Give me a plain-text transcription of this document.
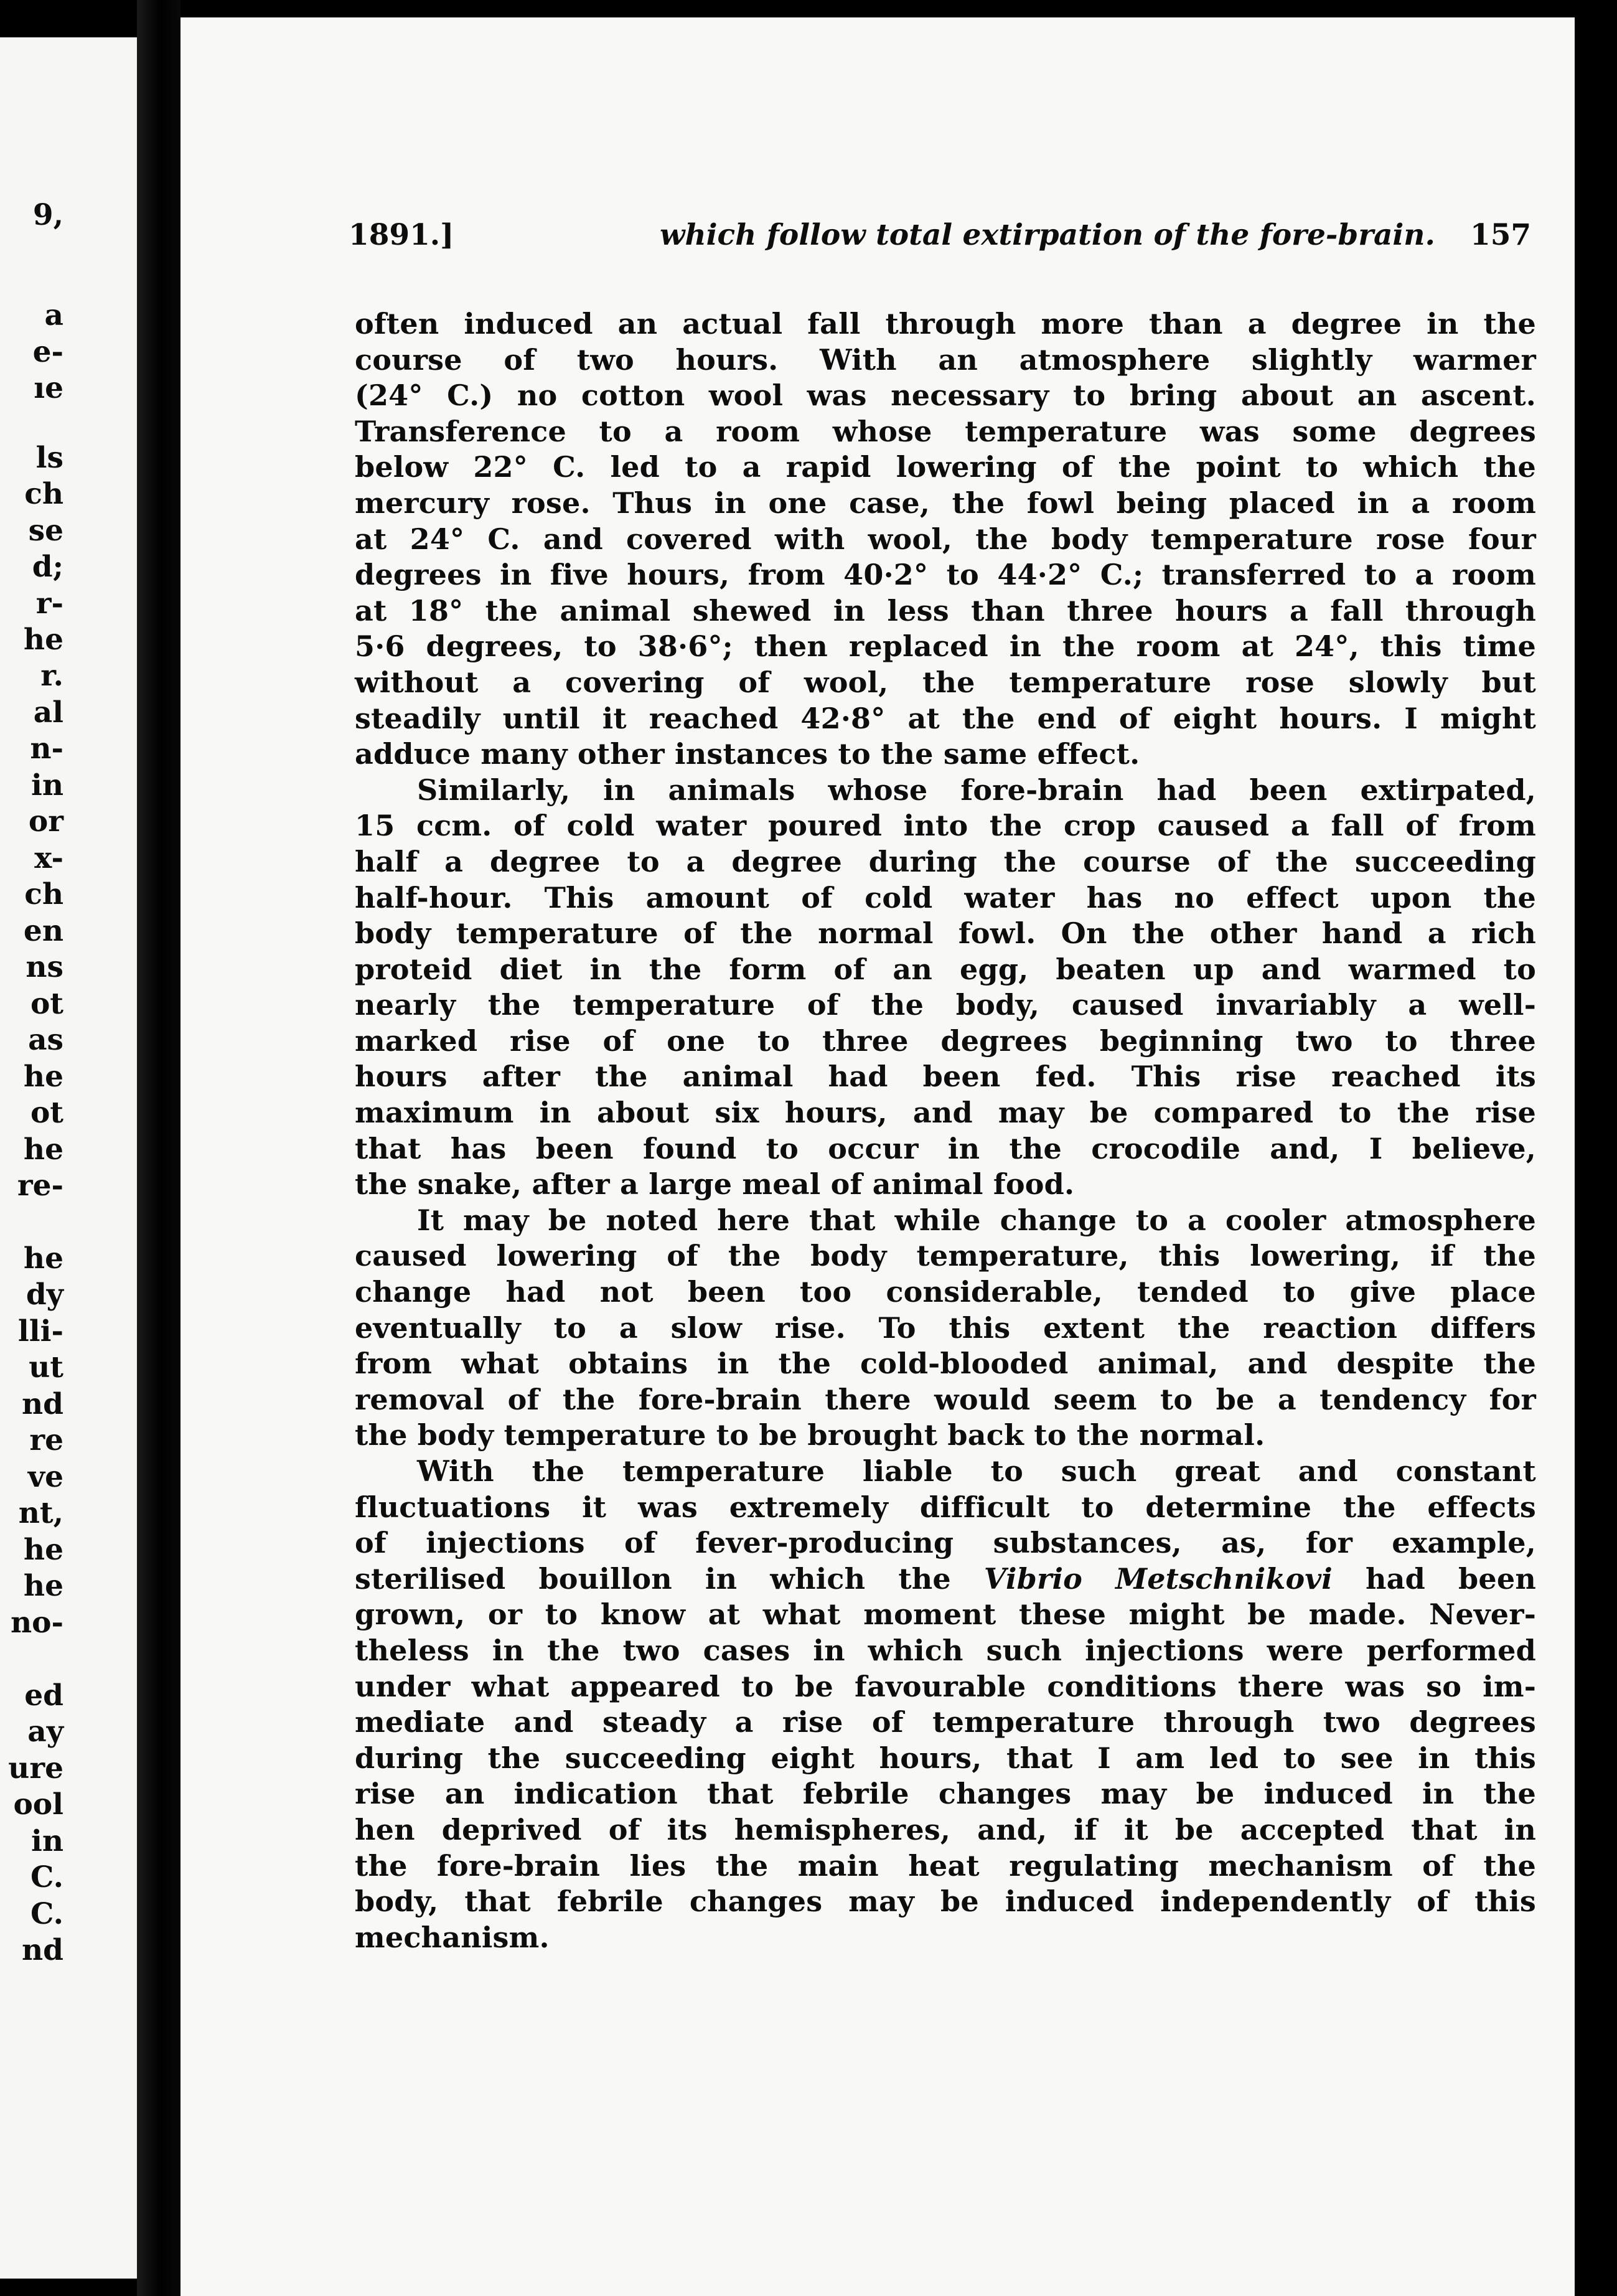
9,
a
e-
ıe
ls
ch
se
d;
r-
he
r.
al
n-
in
or
x-
ch
en
ns
ot
as
he
ot
he
re-
he
dy
lli-
ut
nd
re
ve
nt,
he
he
no-
ed
ay
ure
ool
in
C.
C.
nd
1891.]	which follow total extirpation of the fore-brain. 157
often induced an actual fall through more than a degree in the
course of two hours. With an atmosphere slightly warmer
(24° C.) no cotton wool was necessary to bring about an ascent.
Transference to a room whose temperature was some degrees
below 22° C. led to a rapid lowering of the point to which the
mercury rose. Thus in one case, the fowl being placed in a room
at 24° C. and covered with wool, the body temperature rose four
degrees in five hours, from 40·2° to 44·2° C.; transferred to a room
at 18° the animal shewed in less than three hours a fall through
5·6 degrees, to 38·6°; then replaced in the room at 24°, this time
without a covering of wool, the temperature rose slowly but
steadily until it reached 42·8° at the end of eight hours. I might
adduce many other instances to the same effect.
Similarly, in animals whose fore-brain had been extirpated,
15 ccm. of cold water poured into the crop caused a fall of from
half a degree to a degree during the course of the succeeding
half-hour. This amount of cold water has no effect upon the
body temperature of the normal fowl. On the other hand a rich
proteid diet in the form of an egg, beaten up and warmed to
nearly the temperature of the body, caused invariably a well-
marked rise of one to three degrees beginning two to three
hours after the animal had been fed. This rise reached its
maximum in about six hours, and may be compared to the rise
that has been found to occur in the crocodile and, I believe,
the snake, after a large meal of animal food.
It may be noted here that while change to a cooler atmosphere
caused lowering of the body temperature, this lowering, if the
change had not been too considerable, tended to give place
eventually to a slow rise. To this extent the reaction differs
from what obtains in the cold-blooded animal, and despite the
removal of the fore-brain there would seem to be a tendency for
the body temperature to be brought back to the normal.
With the temperature liable to such great and constant
fluctuations it was extremely difficult to determine the effects
of injections of fever-producing substances, as, for example,
sterilised bouillon in which the Vibrio Metschnikovi had been
grown, or to know at what moment these might be made. Never-
theless in the two cases in which such injections were performed
under what appeared to be favourable conditions there was so im-
mediate and steady a rise of temperature through two degrees
during the succeeding eight hours, that I am led to see in this
rise an indication that febrile changes may be induced in the
hen deprived of its hemispheres, and, if it be accepted that in
the fore-brain lies the main heat regulating mechanism of the
body, that febrile changes may be induced independently of this
mechanism.
